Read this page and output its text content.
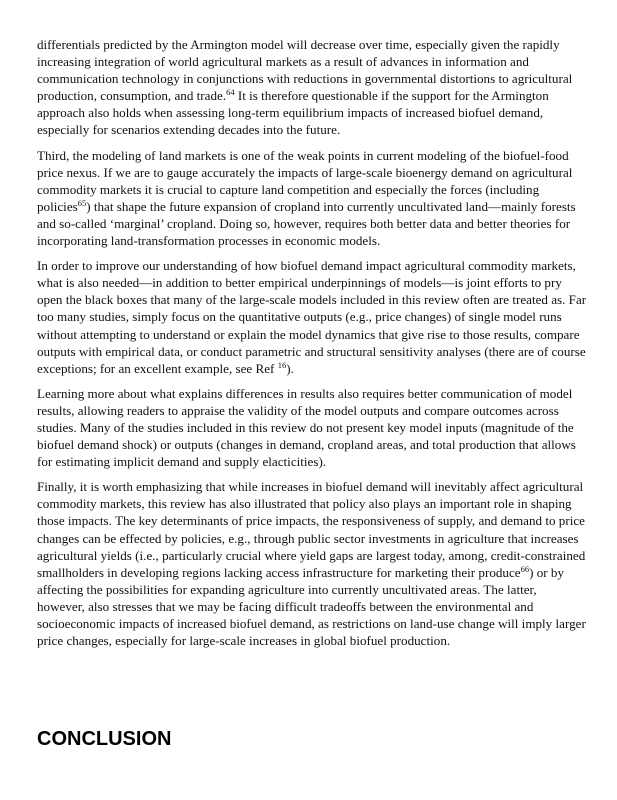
differentials predicted by the Armington model will decrease over time, especially given the rapidly increasing integration of world agricultural markets as a result of advances in information and communication technology in conjunctions with reductions in governmental distortions to agricultural production, consumption, and trade.$^{64}$ It is therefore questionable if the support for the Armington approach also holds when assessing long-term equilibrium impacts of increased biofuel demand, especially for scenarios extending decades into the future.

Third, the modeling of land markets is one of the weak points in current modeling of the biofuel-food price nexus. If we are to gauge accurately the impacts of large-scale bioenergy demand on agricultural commodity markets it is crucial to capture land competition and especially the forces (including policies$^{65}$) that shape the future expansion of cropland into currently uncultivated land—mainly forests and so-called ‘marginal’ cropland. Doing so, however, requires both better data and better theories for incorporating land-transformation processes in economic models.

In order to improve our understanding of how biofuel demand impact agricultural commodity markets, what is also needed—in addition to better empirical underpinnings of models—is joint efforts to pry open the black boxes that many of the large-scale models included in this review often are treated as. Far too many studies, simply focus on the quantitative outputs (e.g., price changes) of single model runs without attempting to understand or explain the model dynamics that give rise to those results, compare outputs with empirical data, or conduct parametric and structural sensitivity analyses (there are of course exceptions; for an excellent example, see Ref $^{16}$).

Learning more about what explains differences in results also requires better communication of model results, allowing readers to appraise the validity of the model outputs and compare outcomes across studies. Many of the studies included in this review do not present key model inputs (magnitude of the biofuel demand shock) or outputs (changes in demand, cropland areas, and total production that allows for estimating implicit demand and supply elacticities).

Finally, it is worth emphasizing that while increases in biofuel demand will inevitably affect agricultural commodity markets, this review has also illustrated that policy also plays an important role in shaping those impacts. The key determinants of price impacts, the responsiveness of supply, and demand to price changes can be effected by policies, e.g., through public sector investments in agriculture that increases agricultural yields (i.e., particularly crucial where yield gaps are largest today, among, credit-constrained smallholders in developing regions lacking access infrastructure for marketing their produce$^{66}$) or by affecting the possibilities for expanding agriculture into currently uncultivated areas. The latter, however, also stresses that we may be facing difficult tradeoffs between the environmental and socioeconomic impacts of increased biofuel demand, as restrictions on land-use change will imply larger price changes, especially for large-scale increases in global biofuel production.

CONCLUSION
